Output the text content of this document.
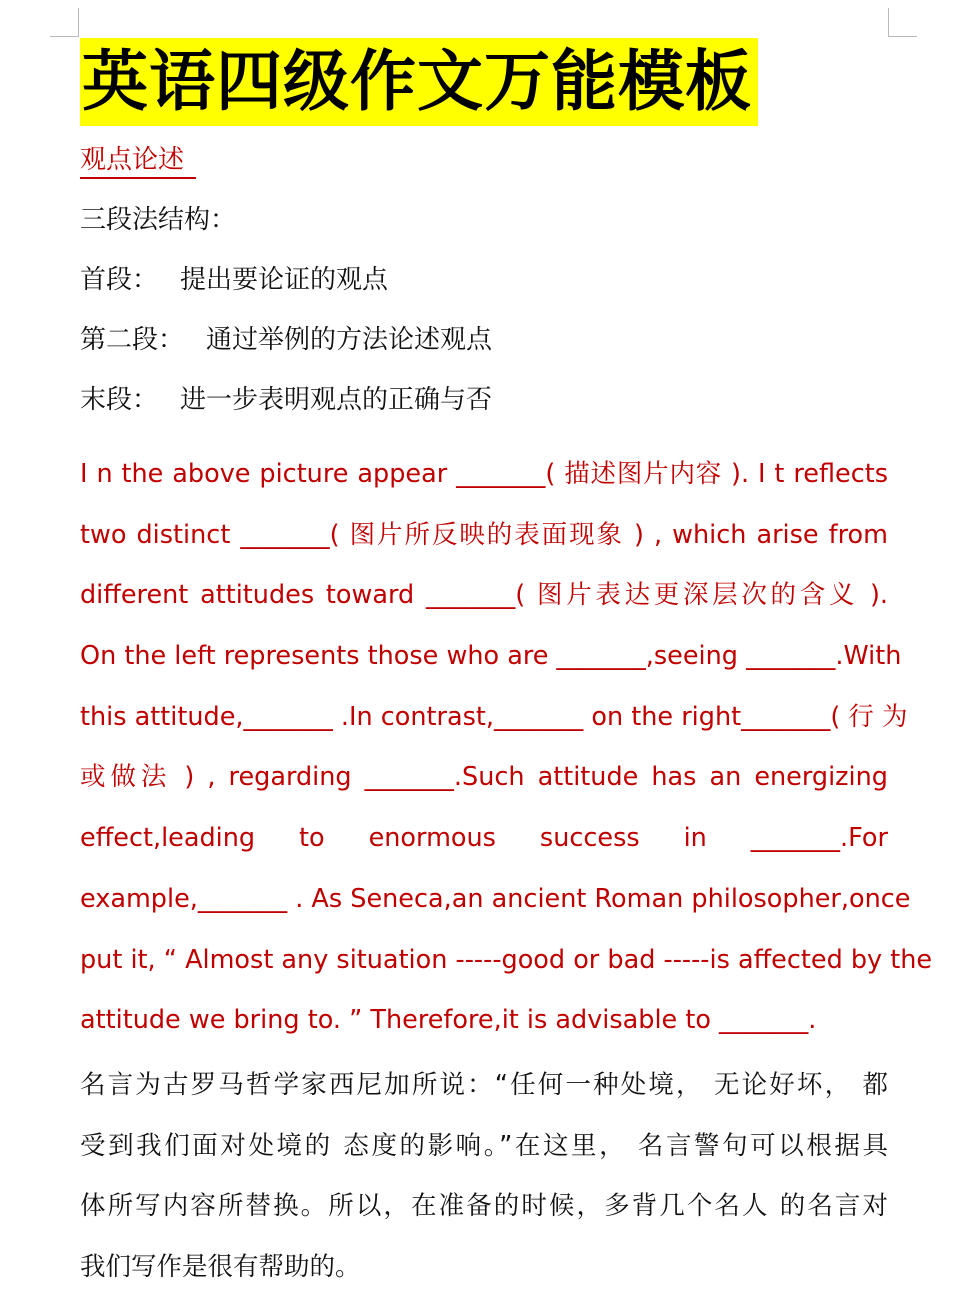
英语四级作文万能模板
观点论述
三段法结构：
首段： 提出要论证的观点
第二段： 通过举例的方法论述观点
末段： 进一步表明观点的正确与否
I n the above picture appear _______( 描述图片内容 ). I t reflects
two distinct _______( 图片所反映的表面现象 ) , which arise from
different attitudes toward _______( 图片表达更深层次的含义 ).
On the left represents those who are _______,seeing _______.With
this attitude,_______ .In contrast,_______ on the right_______( 行 为
或做法 ) , regarding _______.Such attitude has an energizing
effect,leading to enormous success in _______.For
example,_______ . As Seneca,an ancient Roman philosopher,once
put it, “ Almost any situation -----good or bad -----is affected by the
attitude we bring to. ” Therefore,it is advisable to _______.
名言为古罗马哲学家西尼加所说：“任何一种处境， 无论好坏， 都
受到我们面对处境的 态度的影响。”在这里， 名言警句可以根据具
体所写内容所替换。所以，在准备的时候，多背几个名人 的名言对
我们写作是很有帮助的。
